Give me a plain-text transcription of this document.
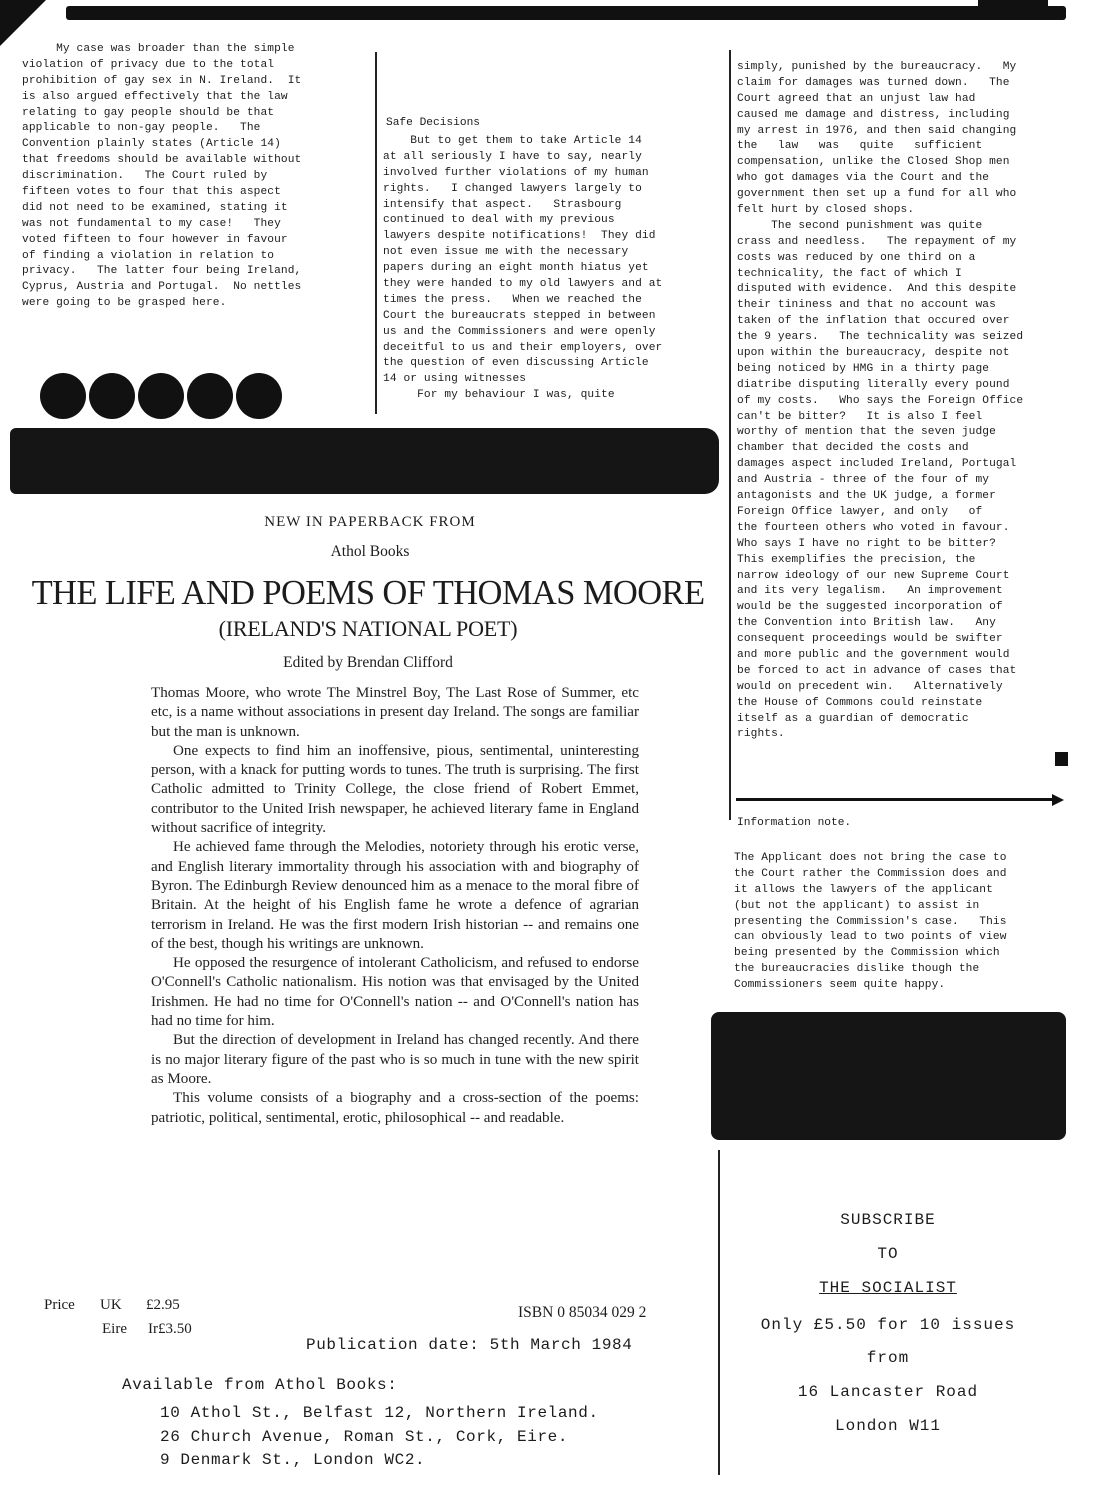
My case was broader than the simple
violation of privacy due to the total
prohibition of gay sex in N. Ireland.  It
is also argued effectively that the law
relating to gay people should be that
applicable to non-gay people.   The
Convention plainly states (Article 14)
that freedoms should be available without
discrimination.   The Court ruled by
fifteen votes to four that this aspect
did not need to be examined, stating it
was not fundamental to my case!   They
voted fifteen to four however in favour
of finding a violation in relation to
privacy.   The latter four being Ireland,
Cyprus, Austria and Portugal.  No nettles
were going to be grasped here.
Safe Decisions
But to get them to take Article 14
at all seriously I have to say, nearly
involved further violations of my human
rights.   I changed lawyers largely to
intensify that aspect.   Strasbourg
continued to deal with my previous
lawyers despite notifications!  They did
not even issue me with the necessary
papers during an eight month hiatus yet
they were handed to my old lawyers and at
times the press.   When we reached the
Court the bureaucrats stepped in between
us and the Commissioners and were openly
deceitful to us and their employers, over
the question of even discussing Article
14 or using witnesses
For my behaviour I was, quite
simply, punished by the bureaucracy.   My
claim for damages was turned down.   The
Court agreed that an unjust law had
caused me damage and distress, including
my arrest in 1976, and then said changing
the   law   was   quite   sufficient
compensation, unlike the Closed Shop men
who got damages via the Court and the
government then set up a fund for all who
felt hurt by closed shops.
The second punishment was quite
crass and needless.   The repayment of my
costs was reduced by one third on a
technicality, the fact of which I
disputed with evidence.  And this despite
their tininess and that no account was
taken of the inflation that occured over
the 9 years.   The technicality was seized
upon within the bureaucracy, despite not
being noticed by HMG in a thirty page
diatribe disputing literally every pound
of my costs.   Who says the Foreign Office
can't be bitter?   It is also I feel
worthy of mention that the seven judge
chamber that decided the costs and
damages aspect included Ireland, Portugal
and Austria - three of the four of my
antagonists and the UK judge, a former
Foreign Office lawyer, and only   of
the fourteen others who voted in favour.
Who says I have no right to be bitter?
This exemplifies the precision, the
narrow ideology of our new Supreme Court
and its very legalism.   An improvement
would be the suggested incorporation of
the Convention into British law.   Any
consequent proceedings would be swifter
and more public and the government would
be forced to act in advance of cases that
would on precedent win.   Alternatively
the House of Commons could reinstate
itself as a guardian of democratic
rights.
Information note.
The Applicant does not bring the case to
the Court rather the Commission does and
it allows the lawyers of the applicant
(but not the applicant) to assist in
presenting the Commission's case.   This
can obviously lead to two points of view
being presented by the Commission which
the bureaucracies dislike though the
Commissioners seem quite happy.
NEW IN PAPERBACK FROM
Athol Books
THE LIFE AND POEMS OF THOMAS MOORE
(IRELAND'S NATIONAL POET)
Edited by Brendan Clifford

Thomas Moore, who wrote The Minstrel Boy, The Last Rose of Summer, etc etc, is a name without associations in present day Ireland. The songs are familiar but the man is unknown.

One expects to find him an inoffensive, pious, sentimental, uninteresting person, with a knack for putting words to tunes. The truth is surprising. The first Catholic admitted to Trinity College, the close friend of Robert Emmet, contributor to the United Irish newspaper, he achieved literary fame in England without sacrifice of integrity.

He achieved fame through the Melodies, notoriety through his erotic verse, and English literary immortality through his association with and biography of Byron. The Edinburgh Review denounced him as a menace to the moral fibre of Britain. At the height of his English fame he wrote a defence of agrarian terrorism in Ireland. He was the first modern Irish historian -- and remains one of the best, though his writings are unknown.

He opposed the resurgence of intolerant Catholicism, and refused to endorse O'Connell's Catholic nationalism. His notion was that envisaged by the United Irishmen. He had no time for O'Connell's nation -- and O'Connell's nation has had no time for him.

But the direction of development in Ireland has changed recently. And there is no major literary figure of the past who is so much in tune with the new spirit as Moore.

This volume consists of a biography and a cross-section of the poems: patriotic, political, sentimental, erotic, philosophical -- and readable.

Price UK £2.95
Eire Ir£3.50
ISBN 0 85034 029 2
Publication date: 5th March 1984
Available from Athol Books:
10 Athol St., Belfast 12, Northern Ireland.
26 Church Avenue, Roman St., Cork, Eire.
9 Denmark St., London WC2.
SUBSCRIBE
TO
THE SOCIALIST
Only £5.50 for 10 issues
from
16 Lancaster Road
London W11
